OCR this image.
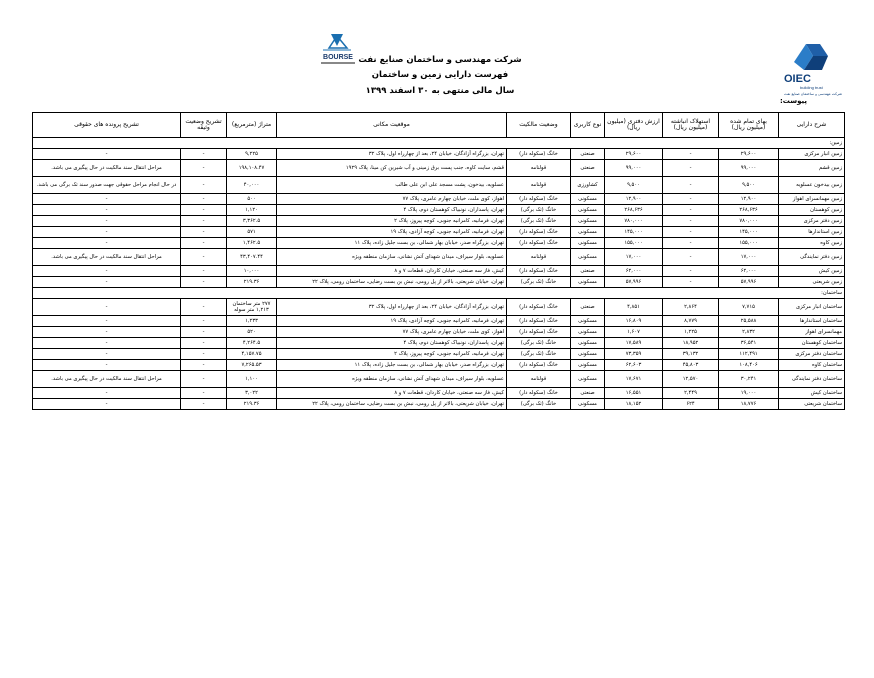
BOURSE شرکت مهندسی و ساختمان صنایع نفت
فهرست دارایی زمین و ساختمان
سال مالی منتهی به ۳۰ اسفند ۱۳۹۹
OIEC
building trust
شرکت مهندسی و ساختمان صنایع نفت
پیوست:
شرح دارایی	بهای تمام شده (میلیون ریال)	استهلاک انباشته (میلیون ریال)	ارزش دفتری (میلیون ریال)	نوع کاربری	وضعیت مالکیت	موقعیت مکانی	متراژ (مترمربع)	تشریح وضعیت وثیقه	تشریح پرونده های حقوقی
زمین:									
زمین انبار مرکزی	۲۹,۶۰۰	-	۲۹,۶۰۰	صنعتی	خانگ (سکوله دار)	تهران، بزرگراه آزادگان، خیابان ۲۴، بعد از چهارراه اول، پلاک ۳۲	۹,۲۲۵	-	-
زمین قشم	۹۹,۰۰۰	-	۹۹,۰۰۰	صنعتی	قولنامه	قشم، سایت کاوه، جنب پست برق زمینی و آب شیرین کن مینا، پلاک ۱۹۲۹	۱۹۸,۱۰۸.۴۷	-	مراحل انتقال سند مالکیت در حال پیگیری می باشد.
زمین بیدخون عسلویه	۹,۵۰۰	-	۹,۵۰۰	کشاورزی	قولنامه	عسلویه، بیدخون، پشت مسجد علی ابن علی طالب	۴۰,۰۰۰	-	در حال انجام مراحل حقوقی جهت صدور سند تک برگی می باشد.
زمین مهمانسرای اهواز	۱۲,۹۰۰	-	۱۲,۹۰۰	مسکونی	خانگ (سکوله دار)	اهواز، کوی ملت، خیابان چهارم عامری، پلاک ۷۷	۵۰۰	-	-
زمین کوهستان	۲۶۸,۶۳۶	-	۲۶۸,۶۳۶	مسکونی	خانگ (تک برگی)	تهران، پاسداران، نونبیاک کوهستان دوم، پلاک ۴	۱,۱۲۰	-	-
زمین دفتر مرکزی	۷۸۰,۰۰۰	-	۷۸۰,۰۰۰	مسکونی	خانگ (تک برگی)	تهران، فرمانیه، کامرانیه جنوبی، کوچه پیروز، پلاک ۲	۳,۳۶۲.۵	-	-
زمین استاندارها	۱۴۵,۰۰۰	-	۱۴۵,۰۰۰	مسکونی	خانگ (سکوله دار)	تهران، فرمانیه، کامرانیه جنوبی، کوچه آزادی، پلاک ۱۹	۵۷۱	-	-
زمین کاوه	۱۵۵,۰۰۰	-	۱۵۵,۰۰۰	مسکونی	خانگ (سکوله دار)	تهران، بزرگراه صدر، خیابان بهار شمالی، بن بست جلیل زاده، پلاک ۱۱	۱,۴۶۲.۵	-	-
زمین دفتر نمایندگی	۱۷,۰۰۰	-	۱۷,۰۰۰	مسکونی	قولنامه	عسلویه، بلوار سیراف، میدان شهدای آتش نشانی، سازمان منطقه ویژه	۴۳,۴۰۷.۴۴	-	مراحل انتقال سند مالکیت در حال پیگیری می باشد.
زمین کیش	۶۲,۰۰۰	-	۶۲,۰۰۰	صنعتی	خانگ (سکوله دار)	کیش، فاز سه صنعتی، خیابان کاردان، قطعات ۷ و ۸	۱۰,۰۰۰	-	-
زمین شریعتی	۵۷,۹۹۶	-	۵۷,۹۹۶	مسکونی	خانگ (تک برگی)	تهران، خیابان شریعتی، بالاتر از پل رومی، نبش بن بست رضایی، ساختمان رومی، پلاک ۲۲	۲۱۹.۳۶	-	-
ساختمان:									
ساختمان انبار مرکزی	۷,۷۱۵	۲,۸۶۴	۴,۸۵۱	صنعتی	خانگ (سکوله دار)	تهران، بزرگراه آزادگان، خیابان ۲۴، بعد از چهارراه اول، پلاک ۳۲	۲۷۷ متر ساختمان ۱,۲۱۳ متر سوله	-	-
ساختمان استاندارها	۲۵,۵۸۸	۸,۷۷۹	۱۶,۸۰۹	مسکونی	خانگ (سکوله دار)	تهران، فرمانیه، کامرانیه جنوبی، کوچه آزادی، پلاک ۱۹	۱,۲۳۳	-	-
مهمانسرای اهواز	۲,۸۳۲	۱,۲۲۵	۱,۶۰۷	مسکونی	خانگ (سکوله دار)	اهواز، کوی ملت، خیابان چهارم عامری، پلاک ۷۷	۵۲۰	-	-
ساختمان کوهستان	۳۶,۵۴۱	۱۸,۹۵۲	۱۷,۵۸۹	مسکونی	خانگ (تک برگی)	تهران، پاسداران، نونبیاک کوهستان دوم، پلاک ۴	۴,۲۶۴.۵	-	-
ساختمان دفتر مرکزی	۱۱۲,۴۹۱	۳۹,۱۳۲	۷۳,۳۵۹	مسکونی	خانگ (تک برگی)	تهران، فرمانیه، کامرانیه جنوبی، کوچه پیروز، پلاک ۲	۴,۱۵۷.۷۵	-	-
ساختمان کاوه	۱۰۸,۴۰۶	۴۵,۸۰۳	۶۲,۶۰۳	مسکونی	خانگ (سکوله دار)	تهران، بزرگراه صدر، خیابان بهار شمالی، بن بست جلیل زاده، پلاک ۱۱	۷,۲۶۵.۵۳	-	-
ساختمان دفتر نمایندگی	۳۰,۲۴۱	۱۲,۵۷۰	۱۷,۶۷۱	مسکونی	قولنامه	عسلویه، بلوار سیراف، میدان شهدای آتش نشانی، سازمان منطقه ویژه	۱,۱۰۰	-	مراحل انتقال سند مالکیت در حال پیگیری می باشد.
ساختمان کیش	۱۹,۰۰۰	۲,۴۴۹	۱۶,۵۵۱	صنعتی	خانگ (سکوله دار)	کیش، فاز سه صنعتی، خیابان کاردان، قطعات ۷ و ۸	۳,۰۲۲	-	-
ساختمان شریعتی	۱۸,۷۷۶	۶۲۴	۱۸,۱۵۲	مسکونی	خانگ (تک برگی)	تهران، خیابان شریعتی، بالاتر از پل رومی، نبش بن بست رضایی، ساختمان رومی، پلاک ۲۲	۲۱۹.۳۶	-	-
